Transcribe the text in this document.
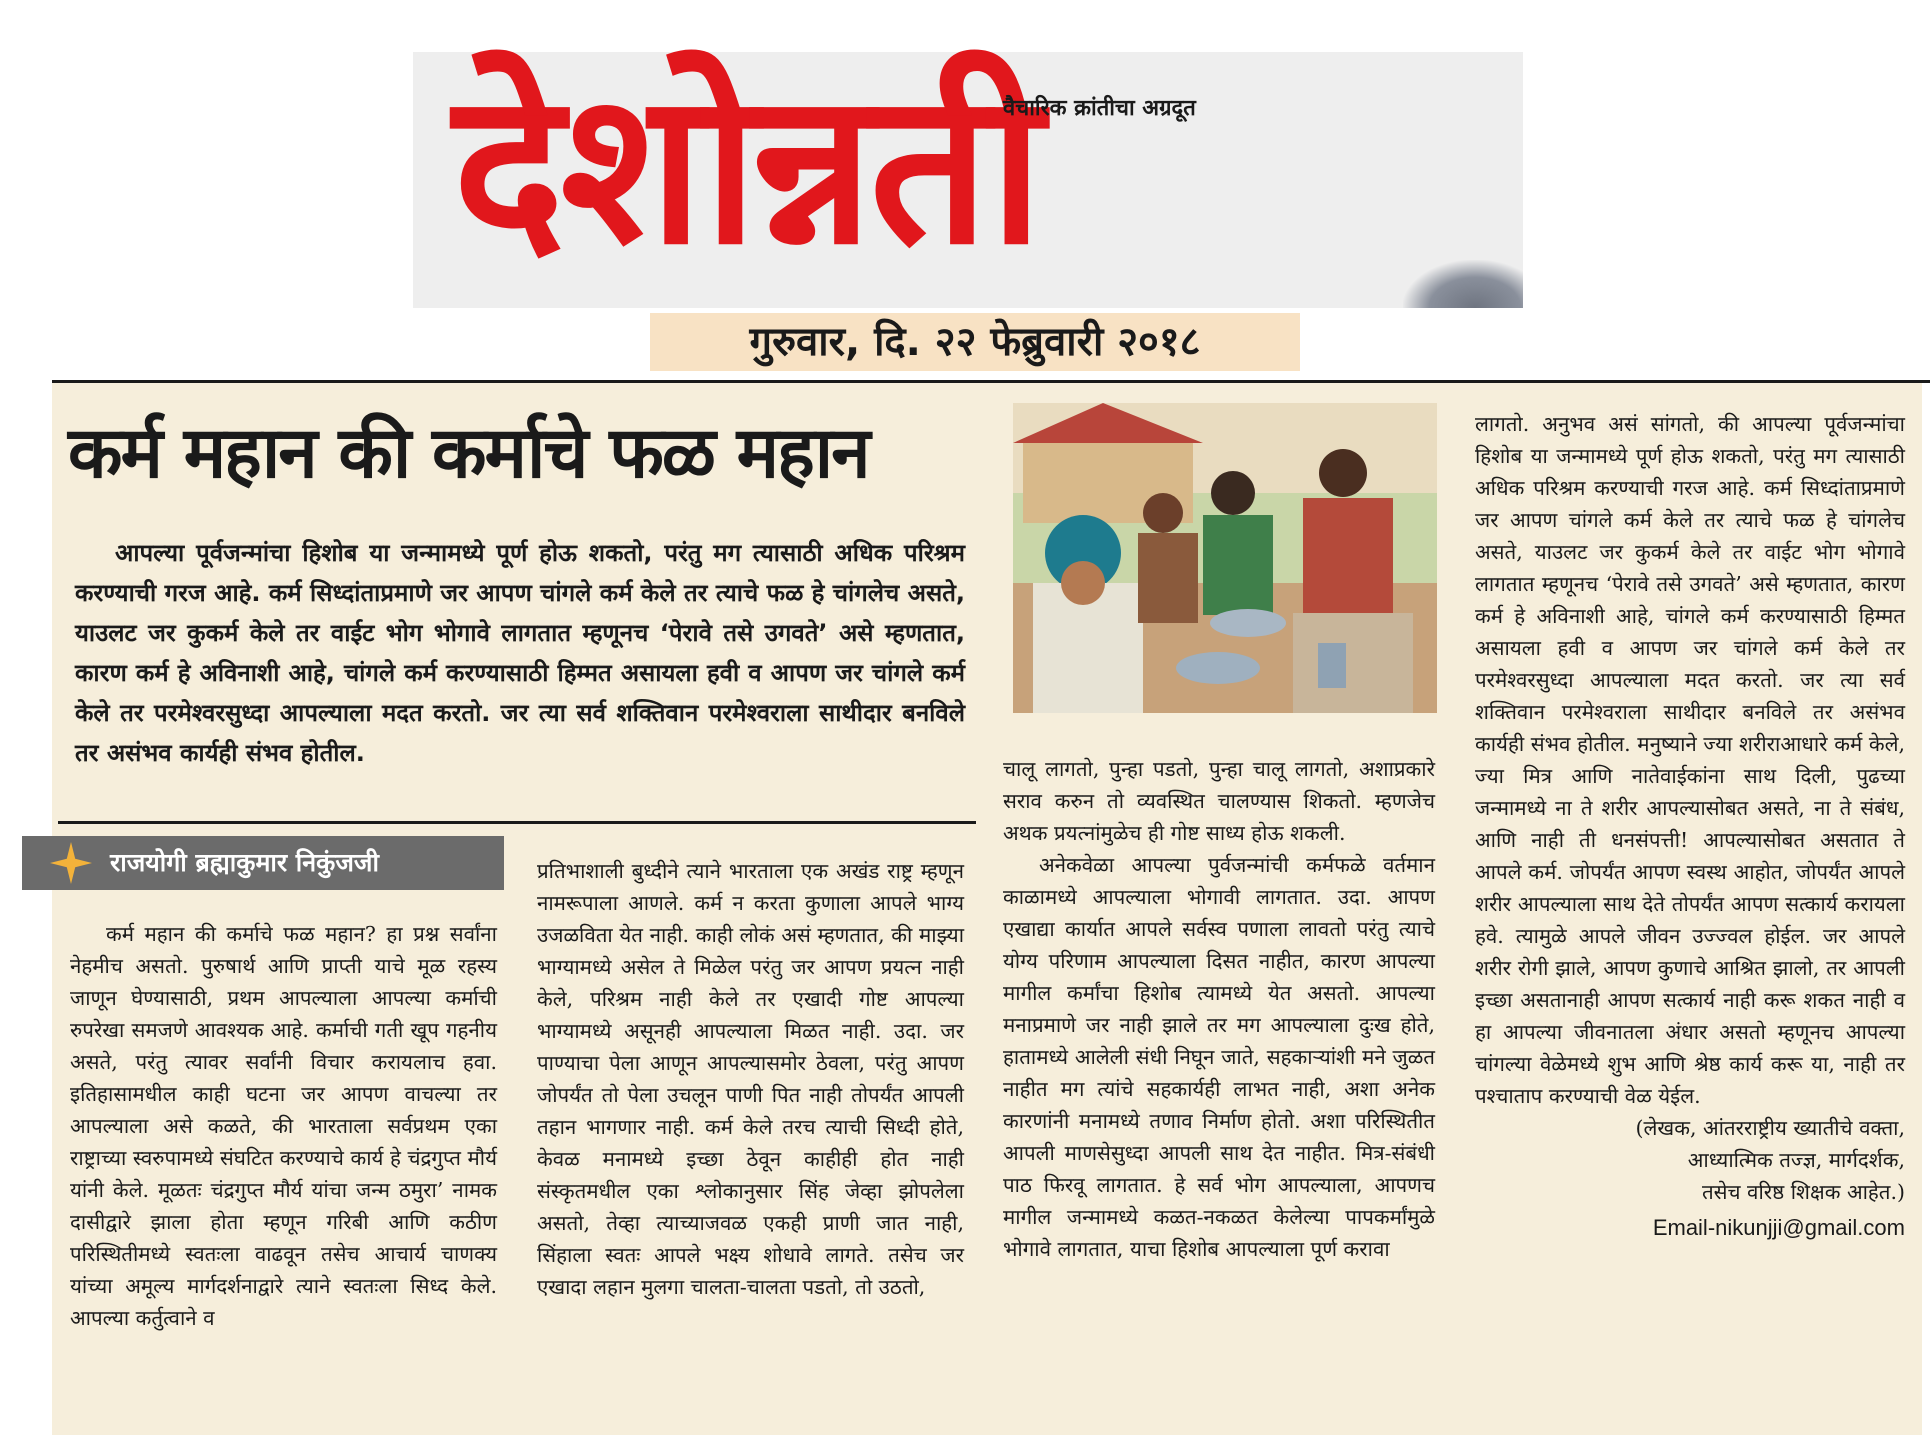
देशोन्नती
वैचारिक क्रांतीचा अग्रदूत
गुरुवार, दि. २२ फेब्रुवारी २०१८
कर्म महान की कर्माचे फळ महान
आपल्या पूर्वजन्मांचा हिशोब या जन्मामध्ये पूर्ण होऊ शकतो, परंतु मग त्यासाठी अधिक परिश्रम करण्याची गरज आहे. कर्म सिध्दांताप्रमाणे जर आपण चांगले कर्म केले तर त्याचे फळ हे चांगलेच असते, याउलट जर कुकर्म केले तर वाईट भोग भोगावे लागतात म्हणूनच ‘पेरावे तसे उगवते’ असे म्हणतात, कारण कर्म हे अविनाशी आहे, चांगले कर्म करण्यासाठी हिम्मत असायला हवी व आपण जर चांगले कर्म केले तर परमेश्वरसुध्दा आपल्याला मदत करतो. जर त्या सर्व शक्तिवान परमेश्वराला साथीदार बनविले तर असंभव कार्यही संभव होतील.
राजयोगी ब्रह्माकुमार निकुंजजी

कर्म महान की कर्माचे फळ महान? हा प्रश्न सर्वांना नेहमीच असतो. पुरुषार्थ आणि प्राप्ती याचे मूळ रहस्य जाणून घेण्यासाठी, प्रथम आपल्याला आपल्या कर्माची रुपरेखा समजणे आवश्यक आहे. कर्माची गती खूप गहनीय असते, परंतु त्यावर सर्वांनी विचार करायलाच हवा. इतिहासामधील काही घटना जर आपण वाचल्या तर आपल्याला असे कळते, की भारताला सर्वप्रथम एका राष्ट्राच्या स्वरुपामध्ये संघटित करण्याचे कार्य हे चंद्रगुप्त मौर्य यांनी केले. मूळतः चंद्रगुप्त मौर्य यांचा जन्म ठमुरा’ नामक दासीद्वारे झाला होता म्हणून गरिबी आणि कठीण परिस्थितीमध्ये स्वतःला वाढवून तसेच आचार्य चाणक्य यांच्या अमूल्य मार्गदर्शनाद्वारे त्याने स्वतःला सिध्द केले. आपल्या कर्तुत्वाने व

प्रतिभाशाली बुध्दीने त्याने भारताला एक अखंड राष्ट्र म्हणून नामरूपाला आणले. कर्म न करता कुणाला आपले भाग्य उजळविता येत नाही. काही लोकं असं म्हणतात, की माझ्या भाग्यामध्ये असेल ते मिळेल परंतु जर आपण प्रयत्न नाही केले, परिश्रम नाही केले तर एखादी गोष्ट आपल्या भाग्यामध्ये असूनही आपल्याला मिळत नाही. उदा. जर पाण्याचा पेला आणून आपल्यासमोर ठेवला, परंतु आपण जोपर्यंत तो पेला उचलून पाणी पित नाही तोपर्यंत आपली तहान भागणार नाही. कर्म केले तरच त्याची सिध्दी होते, केवळ मनामध्ये इच्छा ठेवून काहीही होत नाही संस्कृतमधील एका श्लोकानुसार सिंह जेव्हा झोपलेला असतो, तेव्हा त्याच्याजवळ एकही प्राणी जात नाही, सिंहाला स्वतः आपले भक्ष्य शोधावे लागते. तसेच जर एखादा लहान मुलगा चालता-चालता पडतो, तो उठतो,

चालू लागतो, पुन्हा पडतो, पुन्हा चालू लागतो, अशाप्रकारे सराव करुन तो व्यवस्थित चालण्यास शिकतो. म्हणजेच अथक प्रयत्नांमुळेच ही गोष्ट साध्य होऊ शकली.

अनेकवेळा आपल्या पुर्वजन्मांची कर्मफळे वर्तमान काळामध्ये आपल्याला भोगावी लागतात. उदा. आपण एखाद्या कार्यात आपले सर्वस्व पणाला लावतो परंतु त्याचे योग्य परिणाम आपल्याला दिसत नाहीत, कारण आपल्या मागील कर्मांचा हिशोब त्यामध्ये येत असतो. आपल्या मनाप्रमाणे जर नाही झाले तर मग आपल्याला दुःख होते, हातामध्ये आलेली संधी निघून जाते, सहकाऱ्यांशी मने जुळत नाहीत मग त्यांचे सहकार्यही लाभत नाही, अशा अनेक कारणांनी मनामध्ये तणाव निर्माण होतो. अशा परिस्थितीत आपली माणसेसुध्दा आपली साथ देत नाहीत. मित्र-संबंधी पाठ फिरवू लागतात. हे सर्व भोग आपल्याला, आपणच मागील जन्मामध्ये कळत-नकळत केलेल्या पापकर्मांमुळे भोगावे लागतात, याचा हिशोब आपल्याला पूर्ण करावा

लागतो. अनुभव असं सांगतो, की आपल्या पूर्वजन्मांचा हिशोब या जन्मामध्ये पूर्ण होऊ शकतो, परंतु मग त्यासाठी अधिक परिश्रम करण्याची गरज आहे. कर्म सिध्दांताप्रमाणे जर आपण चांगले कर्म केले तर त्याचे फळ हे चांगलेच असते, याउलट जर कुकर्म केले तर वाईट भोग भोगावे लागतात म्हणूनच ‘पेरावे तसे उगवते’ असे म्हणतात, कारण कर्म हे अविनाशी आहे, चांगले कर्म करण्यासाठी हिम्मत असायला हवी व आपण जर चांगले कर्म केले तर परमेश्वरसुध्दा आपल्याला मदत करतो. जर त्या सर्व शक्तिवान परमेश्वराला साथीदार बनविले तर असंभव कार्यही संभव होतील. मनुष्याने ज्या शरीराआधारे कर्म केले, ज्या मित्र आणि नातेवाईकांना साथ दिली, पुढच्या जन्मामध्ये ना ते शरीर आपल्यासोबत असते, ना ते संबंध, आणि नाही ती धनसंपत्ती! आपल्यासोबत असतात ते आपले कर्म. जोपर्यंत आपण स्वस्थ आहोत, जोपर्यंत आपले शरीर आपल्याला साथ देते तोपर्यंत आपण सत्कार्य करायला हवे. त्यामुळे आपले जीवन उज्ज्वल होईल. जर आपले शरीर रोगी झाले, आपण कुणाचे आश्रित झालो, तर आपली इच्छा असतानाही आपण सत्कार्य नाही करू शकत नाही व हा आपल्या जीवनातला अंधार असतो म्हणूनच आपल्या चांगल्या वेळेमध्ये शुभ आणि श्रेष्ठ कार्य करू या, नाही तर पश्चाताप करण्याची वेळ येईल.

(लेखक, आंतरराष्ट्रीय ख्यातीचे वक्ता,

आध्यात्मिक तज्ज्ञ, मार्गदर्शक,

तसेच वरिष्ठ शिक्षक आहेत.)

Email-nikunjji@gmail.com
